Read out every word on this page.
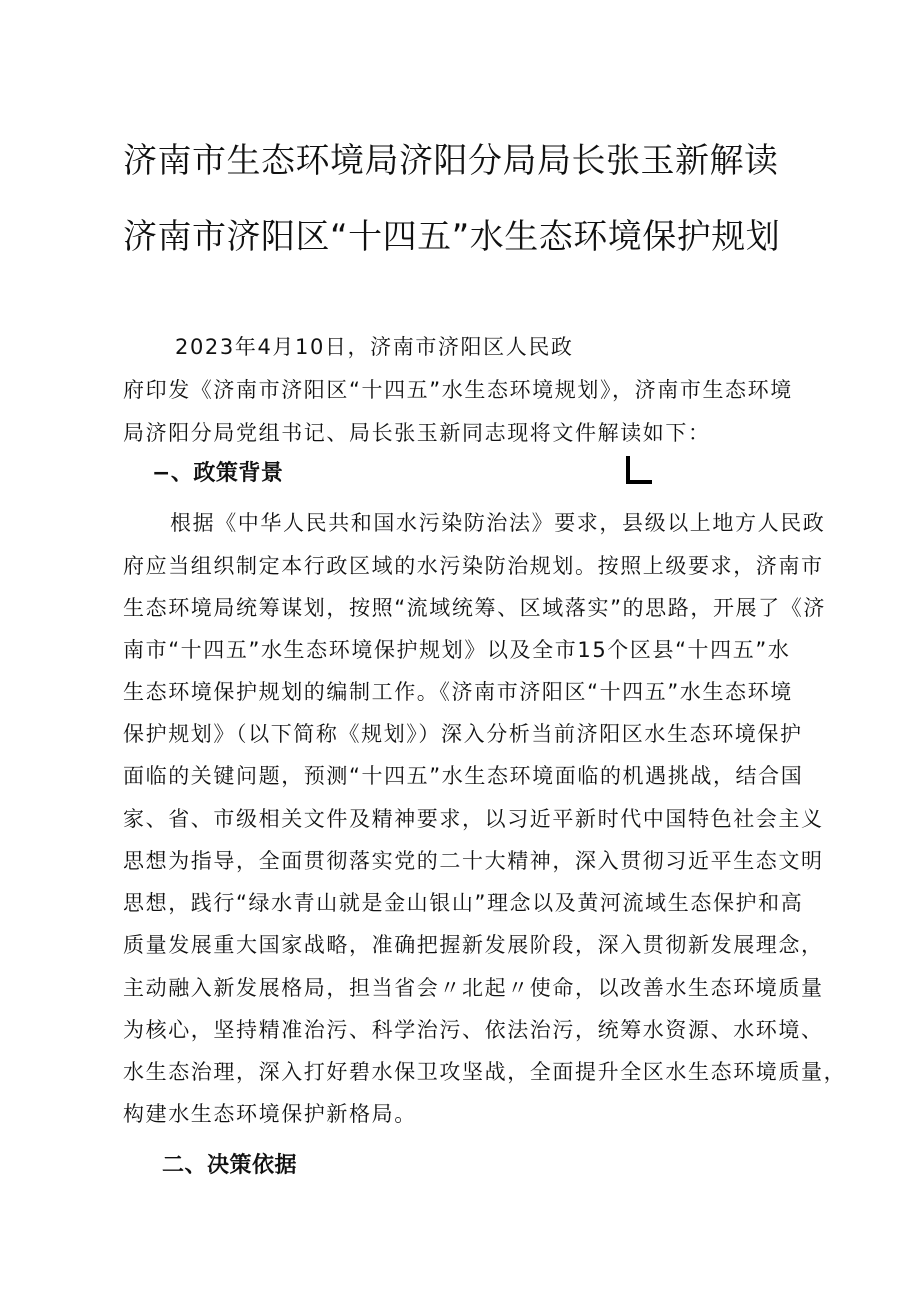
济南市生态环境局济阳分局局长张玉新解读
济南市济阳区“十四五”水生态环境保护规划

2023年4月10日，济南市济阳区人民政

府印发《济南市济阳区“十四五”水生态环境规划》，济南市生态环境

局济阳分局党组书记、局长张玉新同志现将文件解读如下：

−、政策背景

根据《中华人民共和国水污染防治法》要求，县级以上地方人民政

府应当组织制定本行政区域的水污染防治规划。按照上级要求，济南市

生态环境局统筹谋划，按照“流域统筹、区域落实”的思路，开展了《济

南市“十四五”水生态环境保护规划》以及全市15个区县“十四五”水

生态环境保护规划的编制工作。《济南市济阳区“十四五”水生态环境

保护规划》（以下简称《规划》）深入分析当前济阳区水生态环境保护

面临的关键问题，预测“十四五”水生态环境面临的机遇挑战，结合国

家、省、市级相关文件及精神要求，以习近平新时代中国特色社会主义

思想为指导，全面贯彻落实党的二十大精神，深入贯彻习近平生态文明

思想，践行“绿水青山就是金山银山”理念以及黄河流域生态保护和高

质量发展重大国家战略，准确把握新发展阶段，深入贯彻新发展理念，

主动融入新发展格局，担当省会〃北起〃使命，以改善水生态环境质量

为核心，坚持精准治污、科学治污、依法治污，统筹水资源、水环境、

水生态治理，深入打好碧水保卫攻坚战，全面提升全区水生态环境质量，

构建水生态环境保护新格局。

二、决策依据
